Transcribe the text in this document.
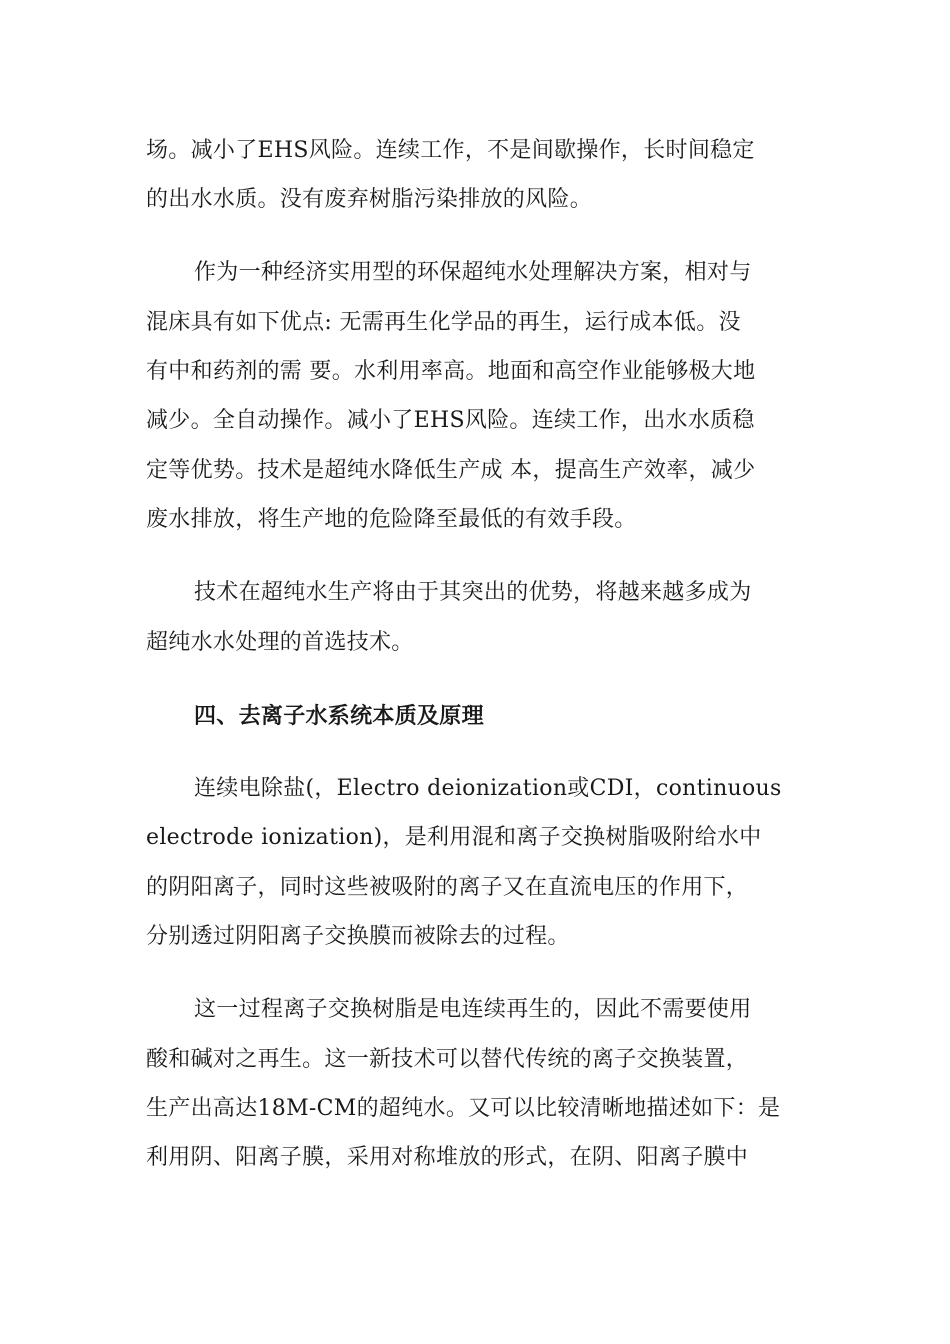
场。减小了EHS风险。连续工作，不是间歇操作，长时间稳定
的出水水质。没有废弃树脂污染排放的风险。
作为一种经济实用型的环保超纯水处理解决方案，相对与
混床具有如下优点: 无需再生化学品的再生，运行成本低。没
有中和药剂的需 要。水利用率高。地面和高空作业能够极大地
减少。全自动操作。减小了EHS风险。连续工作，出水水质稳
定等优势。技术是超纯水降低生产成 本，提高生产效率，减少
废水排放，将生产地的危险降至最低的有效手段。
技术在超纯水生产将由于其突出的优势，将越来越多成为
超纯水水处理的首选技术。
四、去离子水系统本质及原理
连续电除盐(，Electro deionization或CDI，continuous
electrode ionization)，是利用混和离子交换树脂吸附给水中
的阴阳离子，同时这些被吸附的离子又在直流电压的作用下，
分别透过阴阳离子交换膜而被除去的过程。
这一过程离子交换树脂是电连续再生的，因此不需要使用
酸和碱对之再生。这一新技术可以替代传统的离子交换装置，
生产出高达18M-CM的超纯水。又可以比较清晰地描述如下：是
利用阴、阳离子膜，采用对称堆放的形式，在阴、阳离子膜中
